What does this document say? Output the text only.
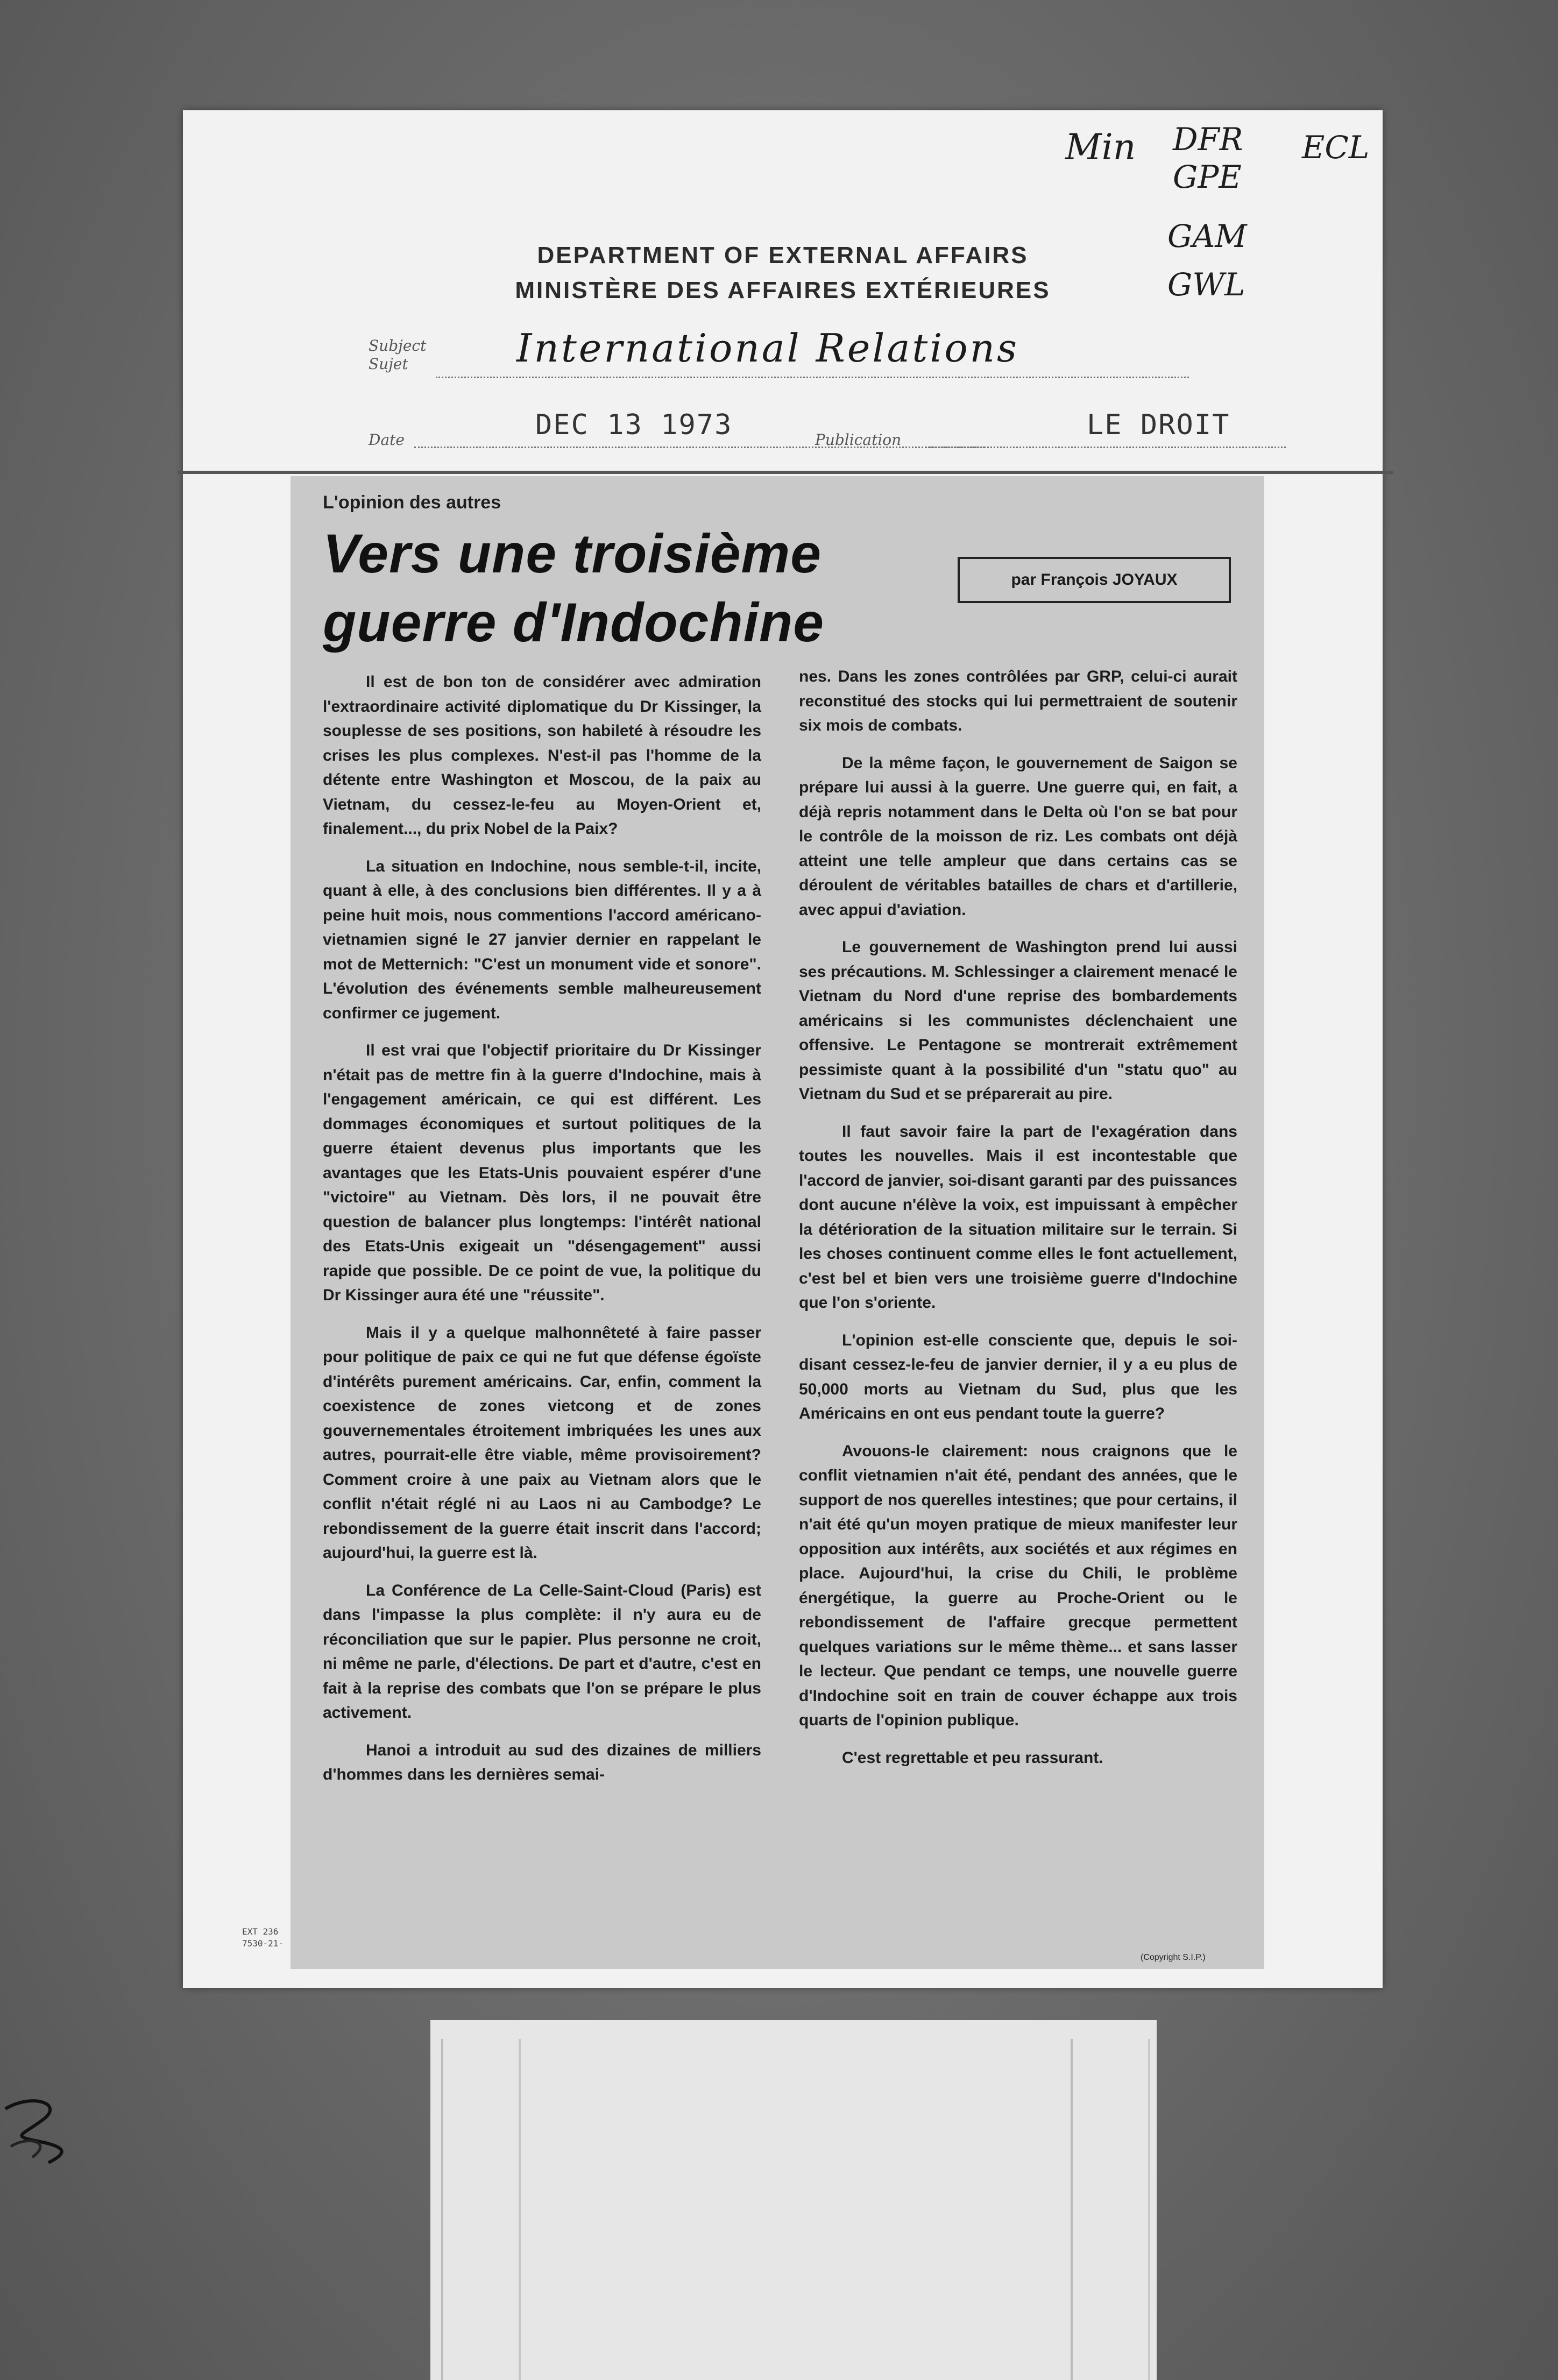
Min DFR
GPE
ECL
GAM
GWL
DEPARTMENT OF EXTERNAL AFFAIRS
MINISTÈRE DES AFFAIRES EXTÉRIEURES
Subject
Sujet	International Relations
Date	DEC 13 1973	Publication	LE DROIT
L'opinion des autres
Vers une troisième
guerre d'Indochine
par François JOYAUX

Il est de bon ton de considérer avec admiration l'extraordinaire activité diplomatique du Dr Kissinger, la souplesse de ses positions, son habileté à résoudre les crises les plus complexes. N'est-il pas l'homme de la détente entre Washington et Moscou, de la paix au Vietnam, du cessez-le-feu au Moyen-Orient et, finalement..., du prix Nobel de la Paix?

La situation en Indochine, nous semble-t-il, incite, quant à elle, à des conclusions bien différentes. Il y a à peine huit mois, nous commentions l'accord américano-vietnamien signé le 27 janvier dernier en rappelant le mot de Metternich: "C'est un monument vide et sonore". L'évolution des événements semble malheureusement confirmer ce jugement.

Il est vrai que l'objectif prioritaire du Dr Kissinger n'était pas de mettre fin à la guerre d'Indochine, mais à l'engagement américain, ce qui est différent. Les dommages économiques et surtout politiques de la guerre étaient devenus plus importants que les avantages que les Etats-Unis pouvaient espérer d'une "victoire" au Vietnam. Dès lors, il ne pouvait être question de balancer plus longtemps: l'intérêt national des Etats-Unis exigeait un "désengagement" aussi rapide que possible. De ce point de vue, la politique du Dr Kissinger aura été une "réussite".

Mais il y a quelque malhonnêteté à faire passer pour politique de paix ce qui ne fut que défense égoïste d'intérêts purement américains. Car, enfin, comment la coexistence de zones vietcong et de zones gouvernementales étroitement imbriquées les unes aux autres, pourrait-elle être viable, même provisoirement? Comment croire à une paix au Vietnam alors que le conflit n'était réglé ni au Laos ni au Cambodge? Le rebondissement de la guerre était inscrit dans l'accord; aujourd'hui, la guerre est là.

La Conférence de La Celle-Saint-Cloud (Paris) est dans l'impasse la plus complète: il n'y aura eu de réconciliation que sur le papier. Plus personne ne croit, ni même ne parle, d'élections. De part et d'autre, c'est en fait à la reprise des combats que l'on se prépare le plus activement.

Hanoi a introduit au sud des dizaines de milliers d'hommes dans les dernières semai-

nes. Dans les zones contrôlées par GRP, celui-ci aurait reconstitué des stocks qui lui permettraient de soutenir six mois de combats.

De la même façon, le gouvernement de Saigon se prépare lui aussi à la guerre. Une guerre qui, en fait, a déjà repris notamment dans le Delta où l'on se bat pour le contrôle de la moisson de riz. Les combats ont déjà atteint une telle ampleur que dans certains cas se déroulent de véritables batailles de chars et d'artillerie, avec appui d'aviation.

Le gouvernement de Washington prend lui aussi ses précautions. M. Schlessinger a clairement menacé le Vietnam du Nord d'une reprise des bombardements américains si les communistes déclenchaient une offensive. Le Pentagone se montrerait extrêmement pessimiste quant à la possibilité d'un "statu quo" au Vietnam du Sud et se préparerait au pire.

Il faut savoir faire la part de l'exagération dans toutes les nouvelles. Mais il est incontestable que l'accord de janvier, soi-disant garanti par des puissances dont aucune n'élève la voix, est impuissant à empêcher la détérioration de la situation militaire sur le terrain. Si les choses continuent comme elles le font actuellement, c'est bel et bien vers une troisième guerre d'Indochine que l'on s'oriente.

L'opinion est-elle consciente que, depuis le soi-disant cessez-le-feu de janvier dernier, il y a eu plus de 50,000 morts au Vietnam du Sud, plus que les Américains en ont eus pendant toute la guerre?

Avouons-le clairement: nous craignons que le conflit vietnamien n'ait été, pendant des années, que le support de nos querelles intestines; que pour certains, il n'ait été qu'un moyen pratique de mieux manifester leur opposition aux intérêts, aux sociétés et aux régimes en place. Aujourd'hui, la crise du Chili, le problème énergétique, la guerre au Proche-Orient ou le rebondissement de l'affaire grecque permettent quelques variations sur le même thème... et sans lasser le lecteur. Que pendant ce temps, une nouvelle guerre d'Indochine soit en train de couver échappe aux trois quarts de l'opinion publique.

C'est regrettable et peu rassurant.

(Copyright S.I.P.)
EXT 236
7530-21-
